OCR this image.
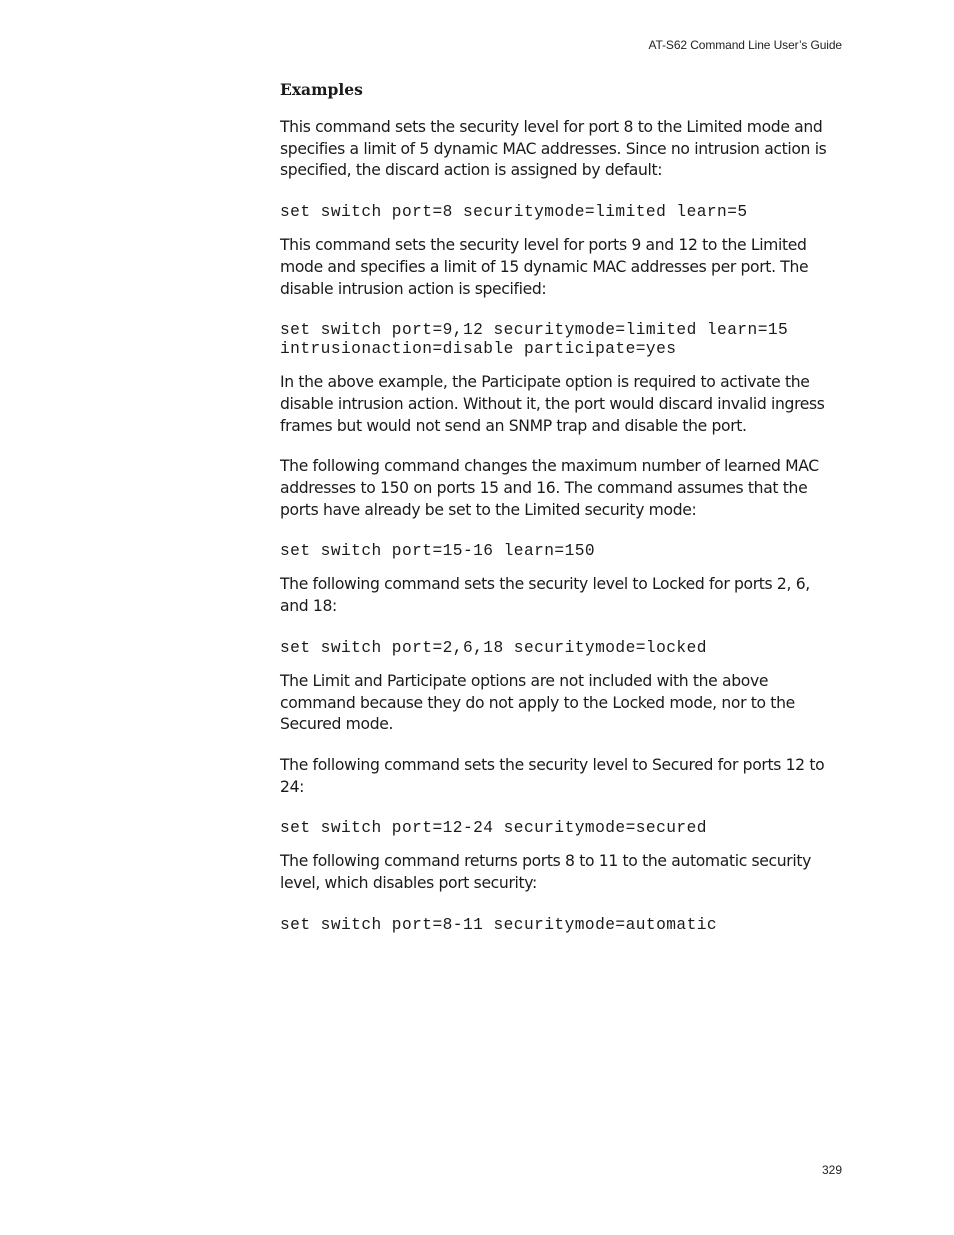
AT-S62 Command Line User’s Guide
Examples

This command sets the security level for port 8 to the Limited mode and specifies a limit of 5 dynamic MAC addresses. Since no intrusion action is specified, the discard action is assigned by default:

set switch port=8 securitymode=limited learn=5

This command sets the security level for ports 9 and 12 to the Limited mode and specifies a limit of 15 dynamic MAC addresses per port. The disable intrusion action is specified:

set switch port=9,12 securitymode=limited learn=15
intrusionaction=disable participate=yes

In the above example, the Participate option is required to activate the disable intrusion action. Without it, the port would discard invalid ingress frames but would not send an SNMP trap and disable the port.

The following command changes the maximum number of learned MAC addresses to 150 on ports 15 and 16. The command assumes that the ports have already be set to the Limited security mode:

set switch port=15-16 learn=150

The following command sets the security level to Locked for ports 2, 6, and 18:

set switch port=2,6,18 securitymode=locked

The Limit and Participate options are not included with the above command because they do not apply to the Locked mode, nor to the Secured mode.

The following command sets the security level to Secured for ports 12 to 24:

set switch port=12-24 securitymode=secured

The following command returns ports 8 to 11 to the automatic security level, which disables port security:

set switch port=8-11 securitymode=automatic
329
